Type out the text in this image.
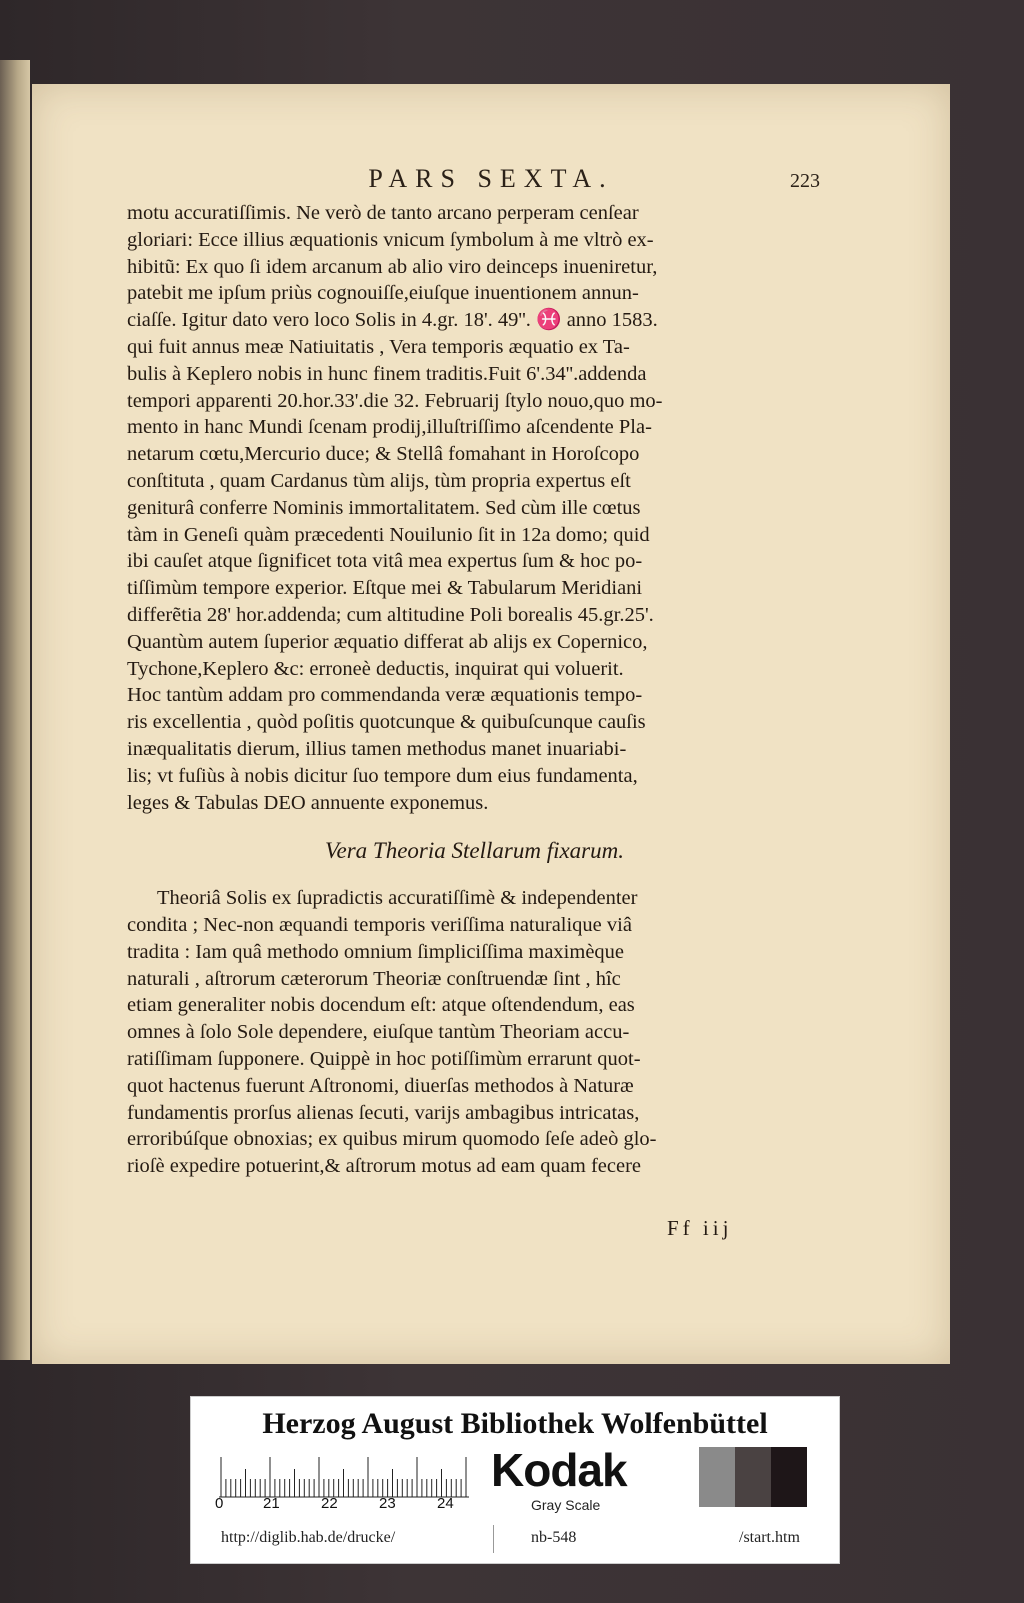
PARS SEXTA.	223
motu accuratiſſimis. Ne verò de tanto arcano perperam cenſear
gloriari: Ecce illius æquationis vnicum ſymbolum à me vltrò ex-
hibitũ: Ex quo ſi idem arcanum ab alio viro deinceps inueniretur,
patebit me ipſum priùs cognouiſſe,eiuſque inuentionem annun-
ciaſſe. Igitur dato vero loco Solis in 4.gr. 18'. 49''. ♓ anno 1583.
qui fuit annus meæ Natiuitatis , Vera temporis æquatio ex Ta-
bulis à Keplero nobis in hunc finem traditis.Fuit 6'.34''.addenda
tempori apparenti 20.hor.33'.die 32. Februarij ſtylo nouo,quo mo-
mento in hanc Mundi ſcenam prodij,illuſtriſſimo aſcendente Pla-
netarum cœtu,Mercurio duce; & Stellâ fomahant in Horoſcopo
conſtituta , quam Cardanus tùm alijs, tùm propria expertus eſt
geniturâ conferre Nominis immortalitatem. Sed cùm ille cœtus
tàm in Geneſi quàm præcedenti Nouilunio ſit in 12a domo; quid
ibi cauſet atque ſignificet tota vitâ mea expertus ſum & hoc po-
tiſſimùm tempore experior. Eſtque mei & Tabularum Meridiani
differẽtia 28' hor.addenda; cum altitudine Poli borealis 45.gr.25'.
Quantùm autem ſuperior æquatio differat ab alijs ex Copernico,
Tychone,Keplero &c: erroneè deductis, inquirat qui voluerit.
Hoc tantùm addam pro commendanda veræ æquationis tempo-
ris excellentia , quòd poſitis quotcunque & quibuſcunque cauſis
inæqualitatis dierum, illius tamen methodus manet inuariabi-
lis; vt fuſiùs à nobis dicitur ſuo tempore dum eius fundamenta,
leges & Tabulas DEO annuente exponemus.
Vera Theoria Stellarum fixarum.
Theoriâ Solis ex ſupradictis accuratiſſimè & independenter
condita ; Nec-non æquandi temporis veriſſima naturalique viâ
tradita : Iam quâ methodo omnium ſimpliciſſima maximèque
naturali , aſtrorum cæterorum Theoriæ conſtruendæ ſint , hîc
etiam generaliter nobis docendum eſt: atque oſtendendum, eas
omnes à ſolo Sole dependere, eiuſque tantùm Theoriam accu-
ratiſſimam ſupponere. Quippè in hoc potiſſimùm errarunt quot-
quot hactenus fuerunt Aſtronomi, diuerſas methodos à Naturæ
fundamentis prorſus alienas ſecuti, varijs ambagibus intricatas,
erroribúſque obnoxias; ex quibus mirum quomodo ſeſe adeò glo-
rioſè expedire potuerint,& aſtrorum motus ad eam quam fecere
Ff iij
Herzog August Bibliothek Wolfenbüttel
0	21	22	23	24
Kodak
Gray Scale
http://diglib.hab.de/drucke/	nb-548	/start.htm
